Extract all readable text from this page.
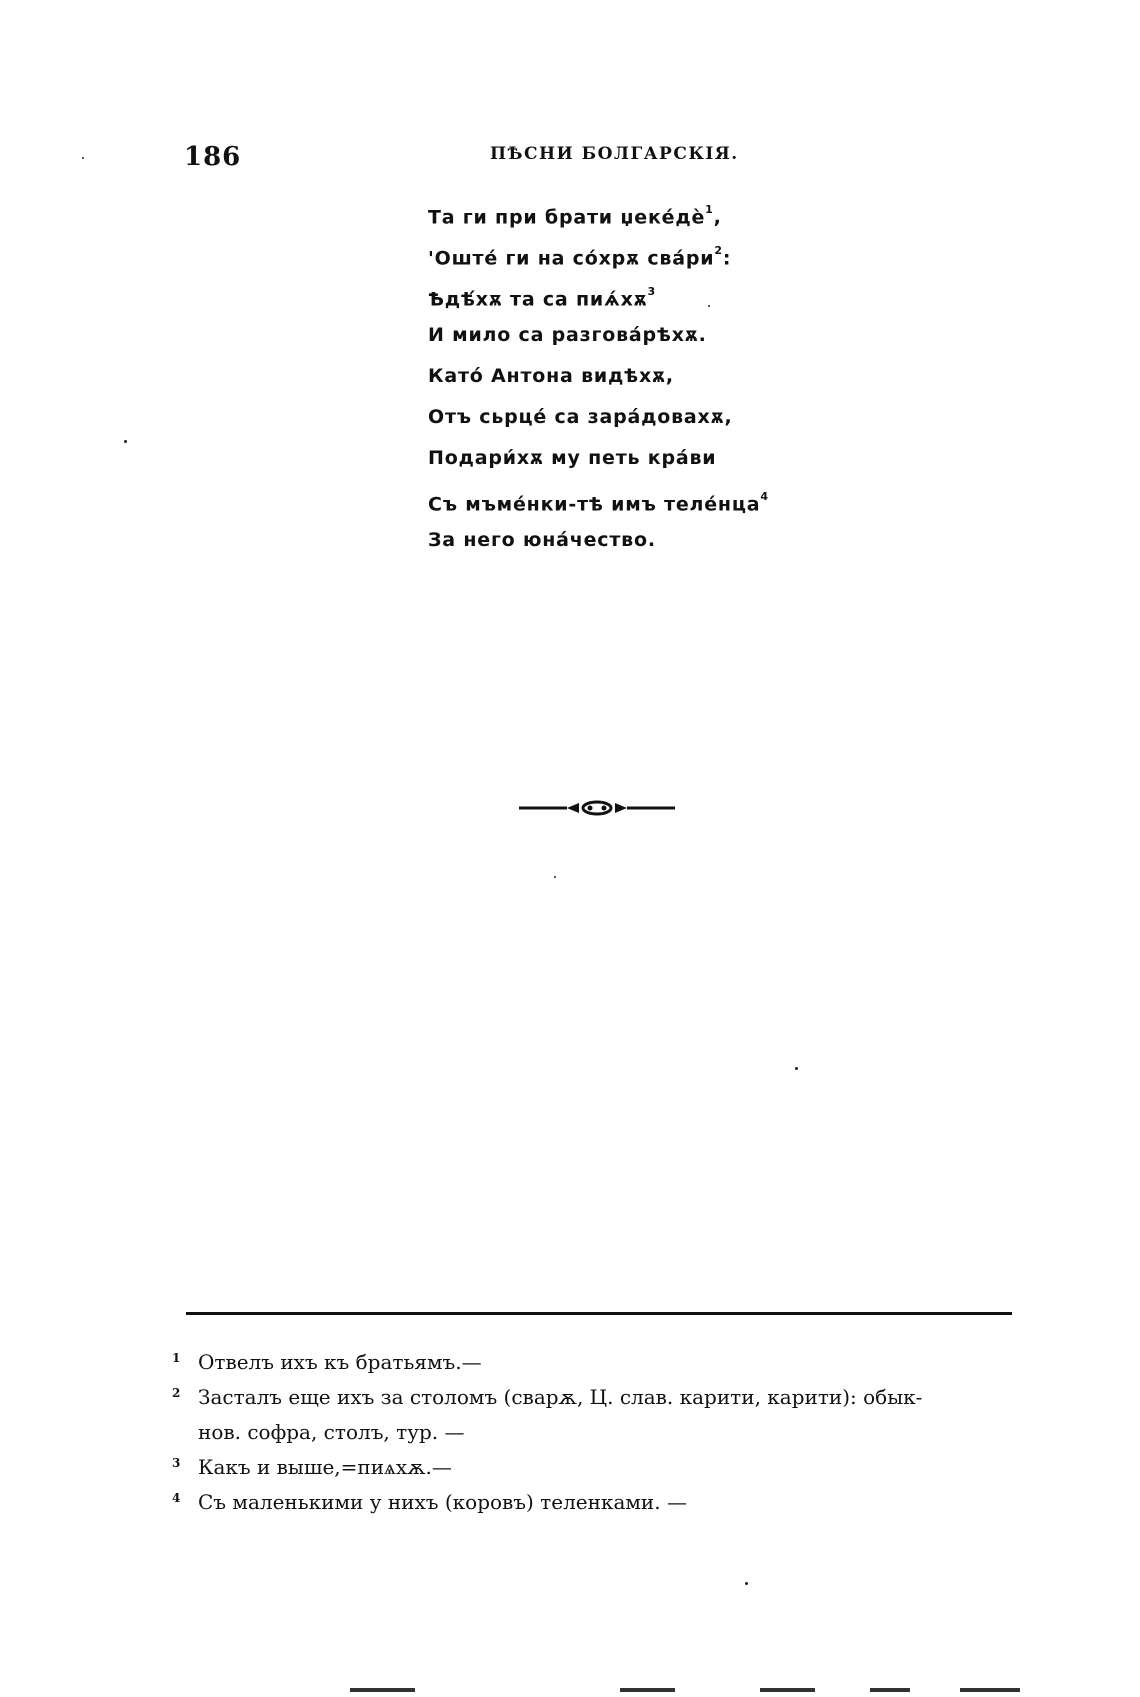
186	ПѢСНИ БОЛГАРСКІЯ.
Та ги при брати $џеке́дѐ^1$,
'Оште́ ги на со́хрѫ $сва́ри^2$:
Ѣдѣ́хѫ та са $пиѧ́хѫ^3$
И мило са разгова́рѣхѫ.
Като́ Антона видѣхѫ,
Отъ сьрце́ са зара́довахѫ,
Подари́хѫ му петь кра́ви
Съ мъме́нки-тѣ имъ теле́нца$^4$
За него юна́чество.
1 Отвелъ ихъ къ братьямъ.—
2 Засталъ еще ихъ за столомъ (сварѫ, Ц. слав. карити, карити): обык-
нов. софра, столъ, тур. —
3 Какъ и выше,=пиѧхѫ.—
4 Съ маленькими у нихъ (коровъ) теленками. —
